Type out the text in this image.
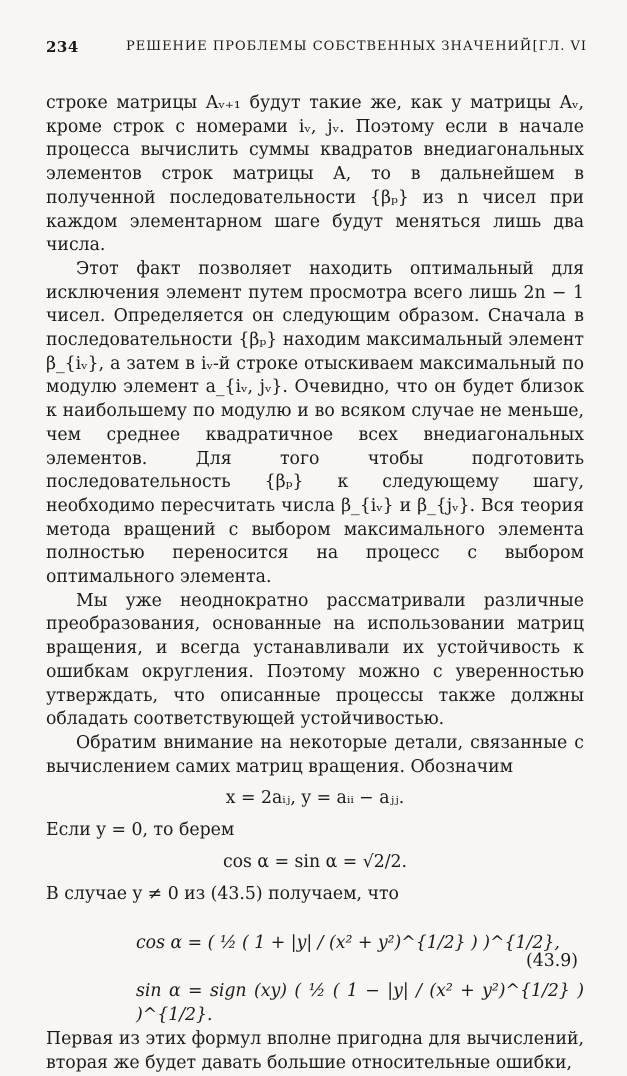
234	РЕШЕНИЕ ПРОБЛЕМЫ СОБСТВЕННЫХ ЗНАЧЕНИЙ [ГЛ. VI

строке матрицы Aᵥ₊₁ будут такие же, как у матрицы Aᵥ, кроме строк с номерами iᵥ, jᵥ. Поэтому если в начале процесса вычислить суммы квадратов внедиагональных элементов строк матрицы A, то в дальнейшем в полученной последовательности {βₚ} из n чисел при каждом элементарном шаге будут меняться лишь два числа.

Этот факт позволяет находить оптимальный для исключения элемент путем просмотра всего лишь 2n − 1 чисел. Определяется он следующим образом. Сначала в последовательности {βₚ} находим максимальный элемент β_{iᵥ}, а затем в iᵥ-й строке отыскиваем максимальный по модулю элемент a_{iᵥ, jᵥ}. Очевидно, что он будет близок к наибольшему по модулю и во всяком случае не меньше, чем среднее квадратичное всех внедиагональных элементов. Для того чтобы подготовить последовательность {βₚ} к следующему шагу, необходимо пересчитать числа β_{iᵥ} и β_{jᵥ}. Вся теория метода вращений с выбором максимального элемента полностью переносится на процесс с выбором оптимального элемента.

Мы уже неоднократно рассматривали различные преобразования, основанные на использовании матриц вращения, и всегда устанавливали их устойчивость к ошибкам округления. Поэтому можно с уверенностью утверждать, что описанные процессы также должны обладать соответствующей устойчивостью.

Обратим внимание на некоторые детали, связанные с вычислением самих матриц вращения. Обозначим

x = 2aᵢⱼ, y = aᵢᵢ − aⱼⱼ.

Если y = 0, то берем

cos α = sin α = √2/2.

В случае y ≠ 0 из (43.5) получаем, что

cos α = ( ½ ( 1 + |y| / (x² + y²)^{1/2} ) )^{1/2},
sin α = sign (xy) ( ½ ( 1 − |y| / (x² + y²)^{1/2} ) )^{1/2}.
(43.9)

Первая из этих формул вполне пригодна для вычислений, вторая же будет давать большие относительные ошибки,
